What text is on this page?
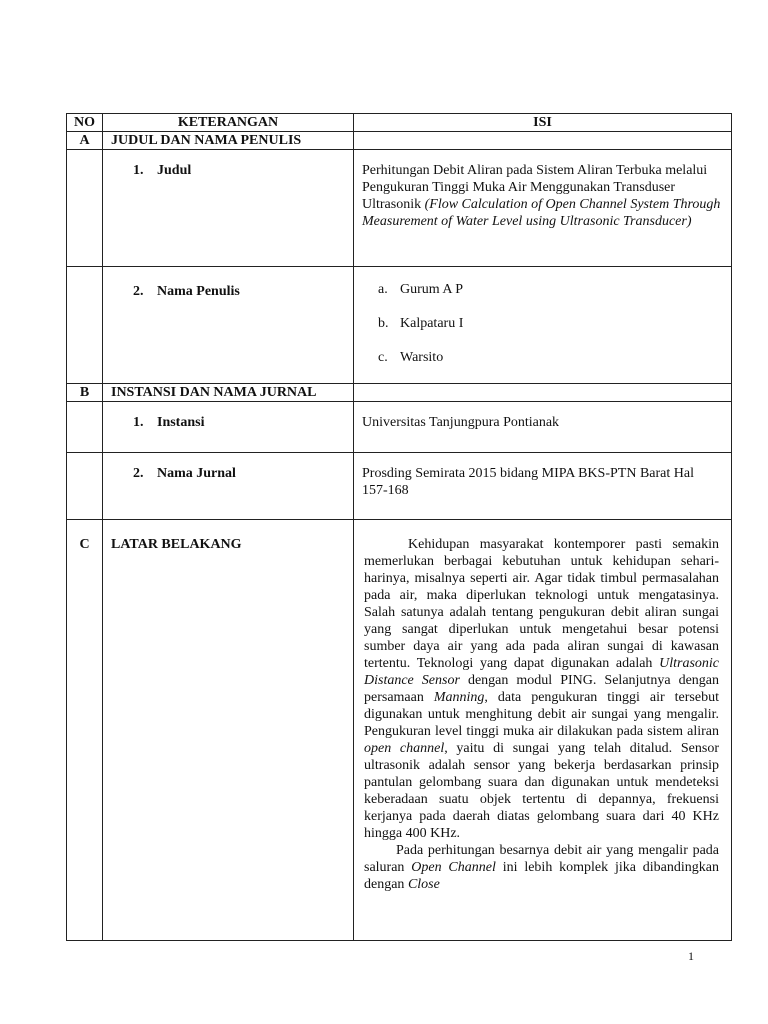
NO	KETERANGAN	ISI
A	JUDUL DAN NAMA PENULIS	
	1. Judul	Perhitungan Debit Aliran pada Sistem Aliran Terbuka melalui Pengukuran Tinggi Muka Air Menggunakan Transduser Ultrasonik (Flow Calculation of Open Channel System Through Measurement of Water Level using Ultrasonic Transducer)
	2. Nama Penulis	a. Gurum A P
b. Kalpataru I
c. Warsito

B	INSTANSI DAN NAMA JURNAL	
	1. Instansi	Universitas Tanjungpura Pontianak
	2. Nama Jurnal	Prosding Semirata 2015 bidang MIPA BKS-PTN Barat Hal 157-168
C	LATAR BELAKANG	Kehidupan masyarakat kontemporer pasti semakin memerlukan berbagai kebutuhan untuk kehidupan sehari-harinya, misalnya seperti air. Agar tidak timbul permasalahan pada air, maka diperlukan teknologi untuk mengatasinya. Salah satunya adalah tentang pengukuran debit aliran sungai yang sangat diperlukan untuk mengetahui besar potensi sumber daya air yang ada pada aliran sungai di kawasan tertentu. Teknologi yang dapat digunakan adalah Ultrasonic Distance Sensor dengan modul PING. Selanjutnya dengan persamaan Manning, data pengukuran tinggi air tersebut digunakan untuk menghitung debit air sungai yang mengalir. Pengukuran level tinggi muka air dilakukan pada sistem aliran open channel, yaitu di sungai yang telah ditalud. Sensor ultrasonik adalah sensor yang bekerja berdasarkan prinsip pantulan gelombang suara dan digunakan untuk mendeteksi keberadaan suatu objek tertentu di depannya, frekuensi kerjanya pada daerah diatas gelombang suara dari 40 KHz hingga 400 KHz.

Pada perhitungan besarnya debit air yang mengalir pada saluran Open Channel ini lebih komplek jika dibandingkan dengan Close

1
